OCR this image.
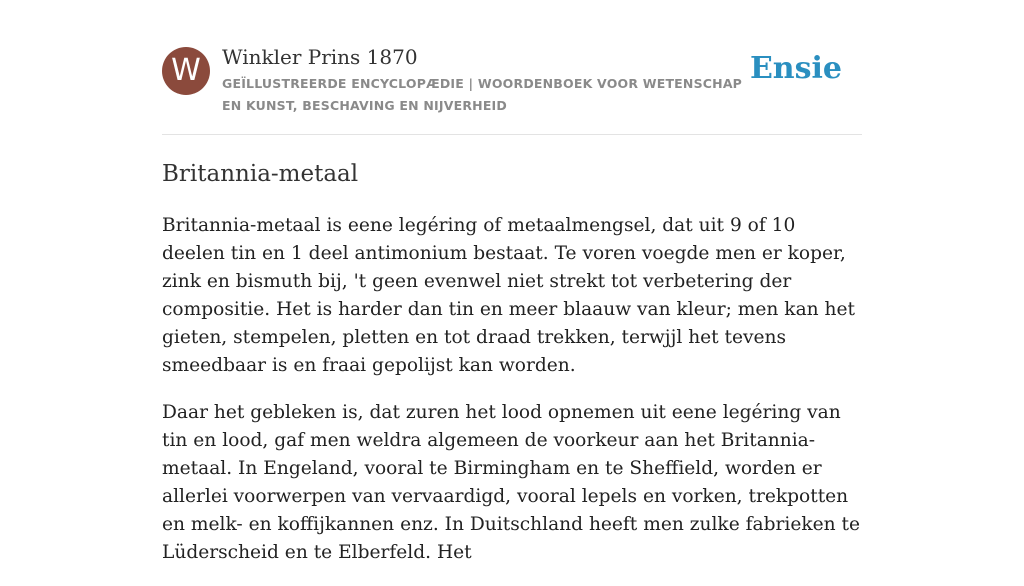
W	Winkler Prins 1870
GEÏLLUSTREERDE ENCYCLOPÆDIE | WOORDENBOEK VOOR WETENSCHAP EN KUNST, BESCHAVING EN NIJVERHEID
Ensie
Britannia-metaal

Britannia-metaal is eene legéring of metaalmengsel, dat uit 9 of 10 deelen tin en 1 deel antimonium bestaat. Te voren voegde men er koper, zink en bismuth bij, 't geen evenwel niet strekt tot verbetering der compositie. Het is harder dan tin en meer blaauw van kleur; men kan het gieten, stempelen, pletten en tot draad trekken, terwjjl het tevens smeedbaar is en fraai gepolijst kan worden.

Daar het gebleken is, dat zuren het lood opnemen uit eene legéring van tin en lood, gaf men weldra algemeen de voorkeur aan het Britannia-metaal. In Engeland, vooral te Birmingham en te Sheffield, worden er allerlei voorwerpen van vervaardigd, vooral lepels en vorken, trekpotten en melk- en koffijkannen enz. In Duitschland heeft men zulke fabrieken te Lüderscheid en te Elberfeld. Het
